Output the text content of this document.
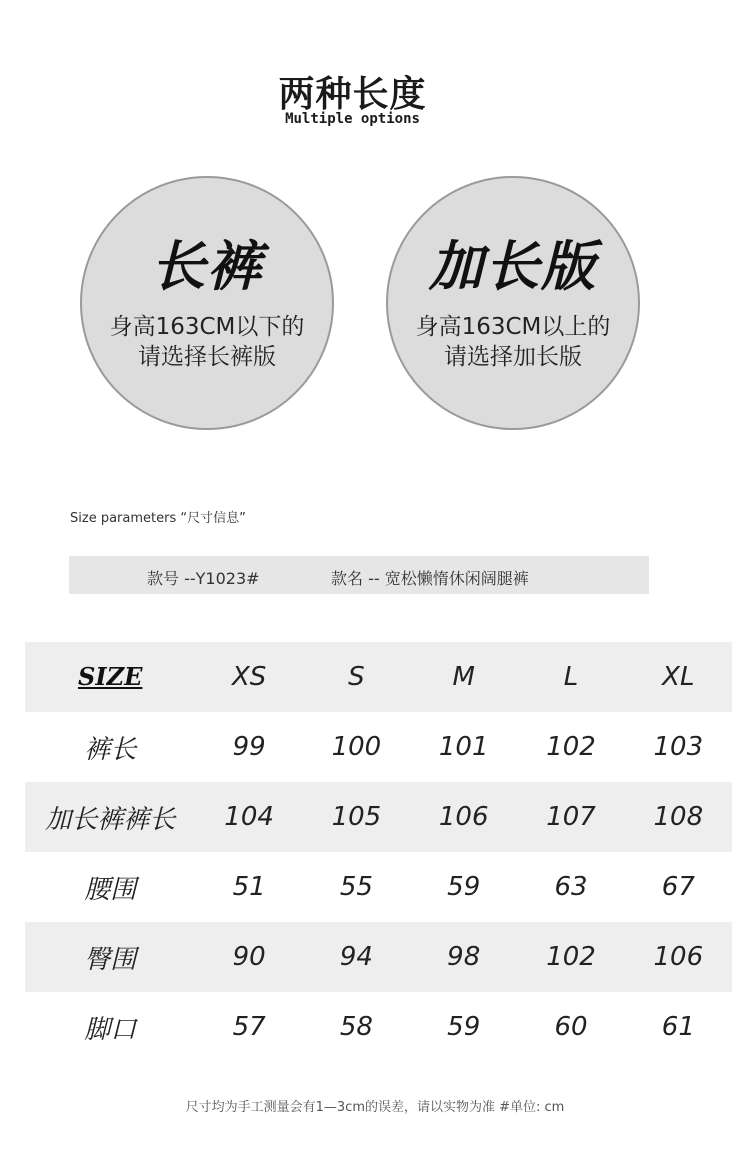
两种长度
Multiple options
长裤
身高163CM以下的
请选择长裤版
加长版
身高163CM以上的
请选择加长版
Size parameters “尺寸信息”
款号 --Y1023#	款名 -- 宽松懒惰休闲阔腿裤
SIZE	XS	S	M	L	XL
裤长	99	100	101	102	103
加长裤裤长	104	105	106	107	108
腰围	51	55	59	63	67
臀围	90	94	98	102	106
脚口	57	58	59	60	61
尺寸均为手工测量会有1—3cm的误差，请以实物为准 #单位: cm
